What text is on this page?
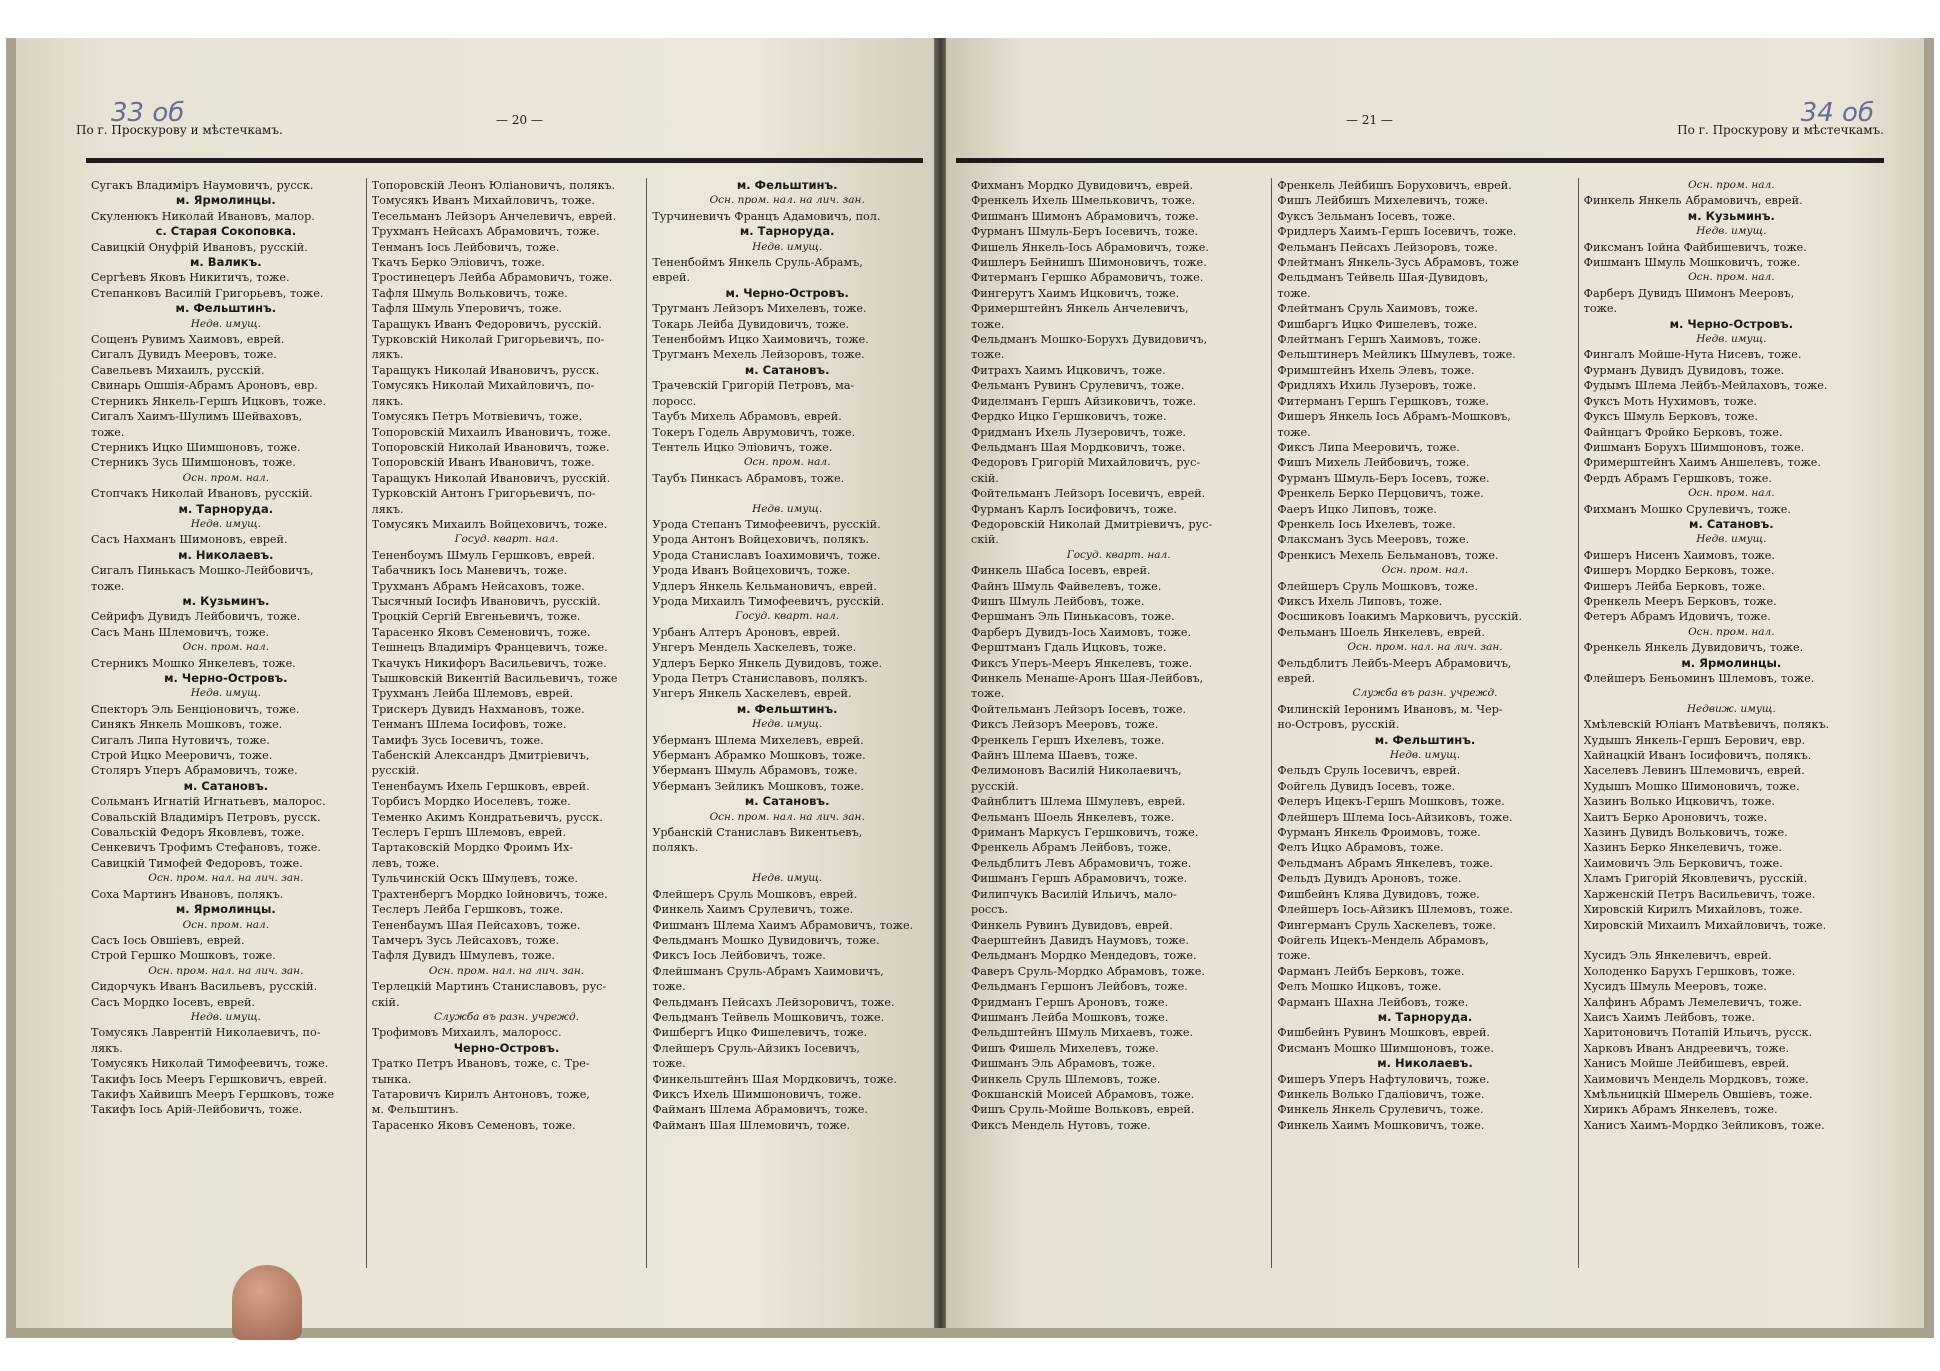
По г. Проскурову и мѣстечкамъ.
— 20 —
33 об
Сугакъ Владимiръ Наумовичъ, русск.
м. Ярмолинцы.
Скуленюкъ Николай Ивановъ, малор.
с. Старая Сокоповка.
Савицкій Онуфрій Ивановъ, русскій.
м. Валикъ.
Сергѣевъ Яковъ Никитичъ, тоже.
Степанковъ Василій Григорьевъ, тоже.
м. Фельштинъ.
Недв. имущ.
Сощенъ Рувимъ Хаимовъ, еврей.
Сигалъ Дувидъ Мееровъ, тоже.
Савельевъ Михаилъ, русскій.
Свинарь Ошшія-Абрамъ Ароновъ, евр.
Стерникъ Янкель-Гершъ Ицковъ, тоже.
Сигалъ Хаимъ-Шулимъ Шейваховъ,
тоже.
Стерникъ Ицко Шимшоновъ, тоже.
Стерникъ Зусь Шимшоновъ, тоже.
Осн. пром. нал.
Стопчакъ Николай Ивановъ, русскій.
м. Тарноруда.
Недв. имущ.
Сасъ Нахманъ Шимоновъ, еврей.
м. Николаевъ.
Сигалъ Пинькасъ Мошко-Лейбовичъ,
тоже.
м. Кузьминъ.
Сейрифъ Дувидъ Лейбовичъ, тоже.
Сасъ Мань Шлемовичъ, тоже.
Осн. пром. нал.
Стерникъ Мошко Янкелевъ, тоже.
м. Черно-Островъ.
Недв. имущ.
Спекторъ Эль Бенціоновичъ, тоже.
Синякъ Янкель Мошковъ, тоже.
Сигалъ Липа Нутовичъ, тоже.
Строй Ицко Мееровичъ, тоже.
Столяръ Уперъ Абрамовичъ, тоже.
м. Сатановъ.
Сольманъ Игнатій Игнатьевъ, малорос.
Совальскій Владиміръ Петровъ, русск.
Совальскій Федоръ Яковлевъ, тоже.
Сенкевичъ Трофимъ Стефановъ, тоже.
Савицкій Тимофей Федоровъ, тоже.
Осн. пром. нал. на лич. зан.
Соха Мартинъ Ивановъ, полякъ.
м. Ярмолинцы.
Осн. пром. нал.
Сасъ Іось Овшіевъ, еврей.
Строй Гершко Мошковъ, тоже.
Осн. пром. нал. на лич. зан.
Сидорчукъ Иванъ Васильевъ, русскій.
Сасъ Мордко Іосевъ, еврей.
Недв. имущ.
Томусякъ Лаврентій Николаевичъ, по-
лякъ.
Томусякъ Николай Тимофеевичъ, тоже.
Такифъ Іось Мееръ Гершковичъ, еврей.
Такифъ Хайвишъ Мееръ Гершковъ, тоже
Такифъ Іось Арій-Лейбовичъ, тоже.
Топоровскій Леонъ Юліановичъ, полякъ.
Томусякъ Иванъ Михайловичъ, тоже.
Тесельманъ Лейзоръ Анчелевичъ, еврей.
Трухманъ Нейсахъ Абрамовичъ, тоже.
Тенманъ Іось Лейбовичъ, тоже.
Ткачъ Берко Эліовичъ, тоже.
Тростинецеръ Лейба Абрамовичъ, тоже.
Тафля Шмуль Вольковичъ, тоже.
Тафля Шмуль Уперовичъ, тоже.
Таращукъ Иванъ Федоровичъ, русскій.
Турковскій Николай Григорьевичъ, по-
лякъ.
Таращукъ Николай Ивановичъ, русск.
Томусякъ Николай Михайловичъ, по-
лякъ.
Томусякъ Петръ Мотвіевичъ, тоже.
Топоровскій Михаилъ Ивановичъ, тоже.
Топоровскій Николай Ивановичъ, тоже.
Топоровскій Иванъ Ивановичъ, тоже.
Таращукъ Николай Ивановичъ, русскій.
Турковскій Антонъ Григорьевичъ, по-
лякъ.
Томусякъ Михаилъ Войцеховичъ, тоже.
Госуд. кварт. нал.
Тененбоумъ Шмуль Гершковъ, еврей.
Табачникъ Іось Маневичъ, тоже.
Трухманъ Абрамъ Нейсаховъ, тоже.
Тысячный Іосифъ Ивановичъ, русскій.
Троцкій Сергій Евгеньевичъ, тоже.
Тарасенко Яковъ Семеновичъ, тоже.
Тешнецъ Владиміръ Францевичъ, тоже.
Ткачукъ Никифоръ Васильевичъ, тоже.
Тышковскій Викентій Васильевичъ, тоже
Трухманъ Лейба Шлемовъ, еврей.
Трискеръ Дувидъ Нахмановъ, тоже.
Тенманъ Шлема Іосифовъ, тоже.
Тамифъ Зусь Іосевичъ, тоже.
Табенскій Александръ Дмитріевичъ,
русскій.
Тененбаумъ Ихель Гершковъ, еврей.
Торбисъ Мордко Иоселевъ, тоже.
Теменко Акимъ Кондратьевичъ, русск.
Теслеръ Гершъ Шлемовъ, еврей.
Тартаковскій Мордко Фроимъ Их-
левъ, тоже.
Тульчинскій Оскъ Шмулевъ, тоже.
Трахтенбергъ Мордко Іойновичъ, тоже.
Теслеръ Лейба Гершковъ, тоже.
Тененбаумъ Шая Пейсаховъ, тоже.
Тамчеръ Зусь Лейсаховъ, тоже.
Тафля Дувидъ Шмулевъ, тоже.
Осн. пром. нал. на лич. зан.
Терлецкій Мартинъ Станиславовъ, рус-
скій.
Служба въ разн. учрежд.
Трофимовъ Михаилъ, малоросс.
Черно-Островъ.
Тратко Петръ Ивановъ, тоже, с. Тре-
тынка.
Татаровичъ Кирилъ Антоновъ, тоже,
м. Фельштинъ.
Тарасенко Яковъ Семеновъ, тоже.
м. Фельштинъ.
Осн. пром. нал. на лич. зан.
Турчиневичъ Францъ Адамовичъ, пол.
м. Тарноруда.
Недв. имущ.
Тененбоймъ Янкель Сруль-Абрамъ,
еврей.
м. Черно-Островъ.
Тругманъ Лейзоръ Михелевъ, тоже.
Токарь Лейба Дувидовичъ, тоже.
Тененбоймъ Ицко Хаимовичъ, тоже.
Тругманъ Мехель Лейзоровъ, тоже.
м. Сатановъ.
Трачевскій Григорій Петровъ, ма-
лоросс.
Таубъ Михель Абрамовъ, еврей.
Токеръ Годель Аврумовичъ, тоже.
Тентель Ицко Эліовичъ, тоже.
Осн. пром. нал.
Таубъ Пинкасъ Абрамовъ, тоже.

Недв. имущ.
Урода Степанъ Тимофеевичъ, русскій.
Урода Антонъ Войцеховичъ, полякъ.
Урода Станиславъ Іоахимовичъ, тоже.
Урода Иванъ Войцеховичъ, тоже.
Удлеръ Янкель Кельмановичъ, еврей.
Урода Михаилъ Тимофеевичъ, русскій.
Госуд. кварт. нал.
Урбанъ Алтеръ Ароновъ, еврей.
Унгеръ Мендель Хаскелевъ, тоже.
Удлеръ Берко Янкель Дувидовъ, тоже.
Урода Петръ Станиславовъ, полякъ.
Унгеръ Янкель Хаскелевъ, еврей.
м. Фельштинъ.
Недв. имущ.
Уберманъ Шлема Михелевъ, еврей.
Уберманъ Абрамко Мошковъ, тоже.
Уберманъ Шмуль Абрамовъ, тоже.
Уберманъ Зейликъ Мошковъ, тоже.
м. Сатановъ.
Осн. пром. нал. на лич. зан.
Урбанскій Станиславъ Викентьевъ,
полякъ.

Недв. имущ.
Флейшеръ Сруль Мошковъ, еврей.
Финкель Хаимъ Срулевичъ, тоже.
Фишманъ Шлема Хаимъ Абрамовичъ, тоже.
Фельдманъ Мошко Дувидовичъ, тоже.
Фиксъ Іось Лейбовичъ, тоже.
Флейшманъ Сруль-Абрамъ Хаимовичъ,
тоже.
Фельдманъ Пейсахъ Лейзоровичъ, тоже.
Фельдманъ Тейвель Мошковичъ, тоже.
Фишбергъ Ицко Фишелевичъ, тоже.
Флейшеръ Сруль-Айзикъ Іосевичъ,
тоже.
Финкельштейнъ Шая Мордковичъ, тоже.
Фиксъ Ихель Шимшоновичъ, тоже.
Файманъ Шлема Абрамовичъ, тоже.
Файманъ Шая Шлемовичъ, тоже.
— 21 —
По г. Проскурову и мѣстечкамъ.
34 об
Фихманъ Мордко Дувидовичъ, еврей.
Френкель Ихель Шмельковичъ, тоже.
Фишманъ Шимонъ Абрамовичъ, тоже.
Фурманъ Шмуль-Беръ Іосевичъ, тоже.
Фишель Янкель-Іось Абрамовичъ, тоже.
Фишлеръ Бейнишъ Шимоновичъ, тоже.
Фитерманъ Гершко Абрамовичъ, тоже.
Фингерутъ Хаимъ Ицковичъ, тоже.
Фримерштейнъ Янкель Анчелевичъ,
тоже.
Фельдманъ Мошко-Борухъ Дувидовичъ,
тоже.
Фитрахъ Хаимъ Ицковичъ, тоже.
Фельманъ Рувинъ Срулевичъ, тоже.
Фиделманъ Гершъ Айзиковичъ, тоже.
Фердко Ицко Гершковичъ, тоже.
Фридманъ Ихель Лузеровичъ, тоже.
Фельдманъ Шая Мордковичъ, тоже.
Федоровъ Григорій Михайловичъ, рус-
скій.
Фойтельманъ Лейзоръ Іосевичъ, еврей.
Фурманъ Карлъ Іосифовичъ, тоже.
Федоровскій Николай Дмитріевичъ, рус-
скій.
Госуд. кварт. нал.
Финкель Шабса Іосевъ, еврей.
Файнъ Шмуль Файвелевъ, тоже.
Фишъ Шмуль Лейбовъ, тоже.
Фершманъ Эль Пинькасовъ, тоже.
Фарберъ Дувидъ-Іось Хаимовъ, тоже.
Ферштманъ Гдаль Ицковъ, тоже.
Фиксъ Уперъ-Мееръ Янкелевъ, тоже.
Финкель Менаше-Аронъ Шая-Лейбовъ,
тоже.
Фойтельманъ Лейзоръ Іосевъ, тоже.
Фиксъ Лейзоръ Мееровъ, тоже.
Френкель Гершъ Ихелевъ, тоже.
Файнъ Шлема Шаевъ, тоже.
Фелимоновъ Василій Николаевичъ,
русскій.
Файнблитъ Шлема Шмулевъ, еврей.
Фельманъ Шоель Янкелевъ, тоже.
Фриманъ Маркусъ Гершковичъ, тоже.
Френкель Абрамъ Лейбовъ, тоже.
Фельдблитъ Левъ Абрамовичъ, тоже.
Фишманъ Гершъ Абрамовичъ, тоже.
Филипчукъ Василій Ильичъ, мало-
россъ.
Финкель Рувинъ Дувидовъ, еврей.
Фаерштейнъ Давидъ Наумовъ, тоже.
Фельдманъ Мордко Мендедовъ, тоже.
Фаверъ Сруль-Мордко Абрамовъ, тоже.
Фельдманъ Гершонъ Лейбовъ, тоже.
Фридманъ Гершъ Ароновъ, тоже.
Фишманъ Лейба Мошковъ, тоже.
Фельдштейнъ Шмуль Михаевъ, тоже.
Фишъ Фишель Михелевъ, тоже.
Фишманъ Эль Абрамовъ, тоже.
Финкель Сруль Шлемовъ, тоже.
Фокшанскій Моисей Абрамовъ, тоже.
Фишъ Сруль-Мойше Вольковъ, еврей.
Фиксъ Мендель Нутовъ, тоже.
Френкель Лейбишъ Боруховичъ, еврей.
Фишъ Лейбишъ Михелевичъ, тоже.
Фуксъ Зельманъ Іосевъ, тоже.
Фридлеръ Хаимъ-Гершъ Іосевичъ, тоже.
Фельманъ Пейсахъ Лейзоровъ, тоже.
Флейтманъ Янкель-Зусь Абрамовъ, тоже
Фельдманъ Тейвель Шая-Дувидовъ,
тоже.
Флейтманъ Сруль Хаимовъ, тоже.
Фишбаргъ Ицко Фишелевъ, тоже.
Флейтманъ Гершъ Хаимовъ, тоже.
Фельштинеръ Мейликъ Шмулевъ, тоже.
Фримштейнъ Ихель Элевъ, тоже.
Фридляхъ Ихиль Лузеровъ, тоже.
Фитерманъ Гершъ Гершковъ, тоже.
Фишеръ Янкель Іось Абрамъ-Мошковъ,
тоже.
Фиксъ Липа Мееровичъ, тоже.
Фишъ Михель Лейбовичъ, тоже.
Фурманъ Шмуль-Беръ Іосевъ, тоже.
Френкель Берко Перцовичъ, тоже.
Фаеръ Ицко Липовъ, тоже.
Френкель Іось Ихелевъ, тоже.
Флаксманъ Зусь Мееровъ, тоже.
Френкисъ Мехель Бельмановъ, тоже.
Осн. пром. нал.
Флейшеръ Сруль Мошковъ, тоже.
Фиксъ Ихель Липовъ, тоже.
Фосшиковъ Іоакимъ Марковичъ, русскій.
Фельманъ Шоель Янкелевъ, еврей.
Осн. пром. нал. на лич. зан.
Фельдблитъ Лейбъ-Мееръ Абрамовичъ,
еврей.
Служба въ разн. учрежд.
Филинскій Іеронимъ Ивановъ, м. Чер-
но-Островъ, русскій.
м. Фельштинъ.
Недв. имущ.
Фельдъ Сруль Іосевичъ, еврей.
Фойгель Дувидъ Іосевъ, тоже.
Фелеръ Ицекъ-Гершъ Мошковъ, тоже.
Флейшеръ Шлема Іось-Айзиковъ, тоже.
Фурманъ Янкель Фроимовъ, тоже.
Фелъ Ицко Абрамовъ, тоже.
Фельдманъ Абрамъ Янкелевъ, тоже.
Фельдъ Дувидъ Ароновъ, тоже.
Фишбейнъ Клява Дувидовъ, тоже.
Флейшеръ Іось-Айзикъ Шлемовъ, тоже.
Фингерманъ Сруль Хаскелевъ, тоже.
Фойгель Ицекъ-Мендель Абрамовъ,
тоже.
Фарманъ Лейбъ Берковъ, тоже.
Фелъ Мошко Ицковъ, тоже.
Фарманъ Шахна Лейбовъ, тоже.
м. Тарноруда.
Фишбейнъ Рувинъ Мошковъ, еврей.
Фисманъ Мошко Шимшоновъ, тоже.
м. Николаевъ.
Фишеръ Уперъ Нафтуловичъ, тоже.
Финкель Волько Гдаліовичъ, тоже.
Финкель Янкель Срулевичъ, тоже.
Финкель Хаимъ Мошковичъ, тоже.
Осн. пром. нал.
Финкель Янкель Абрамовичъ, еврей.
м. Кузьминъ.
Недв. имущ.
Фиксманъ Іойна Файбишевичъ, тоже.
Фишманъ Шмуль Мошковичъ, тоже.
Осн. пром. нал.
Фарберъ Дувидъ Шимонъ Мееровъ,
тоже.
м. Черно-Островъ.
Недв. имущ.
Фингалъ Мойше-Нута Нисевъ, тоже.
Фурманъ Дувидъ Дувидовъ, тоже.
Фудымъ Шлема Лейбъ-Мейлаховъ, тоже.
Фуксъ Моть Нухимовъ, тоже.
Фуксъ Шмуль Берковъ, тоже.
Файнцагъ Фройко Берковъ, тоже.
Фишманъ Борухъ Шимшоновъ, тоже.
Фримерштейнъ Хаимъ Аншелевъ, тоже.
Фердъ Абрамъ Гершковъ, тоже.
Осн. пром. нал.
Фихманъ Мошко Срулевичъ, тоже.
м. Сатановъ.
Недв. имущ.
Фишеръ Нисенъ Хаимовъ, тоже.
Фишеръ Мордко Берковъ, тоже.
Фишеръ Лейба Берковъ, тоже.
Френкель Мееръ Берковъ, тоже.
Фетеръ Абрамъ Идовичъ, тоже.
Осн. пром. нал.
Френкель Янкель Дувидовичъ, тоже.
м. Ярмолинцы.
Флейшеръ Беньоминъ Шлемовъ, тоже.

Недвиж. имущ.
Хмѣлевскій Юліанъ Матвѣевичъ, полякъ.
Худышъ Янкель-Гершъ Берович, евр.
Хайнацкій Иванъ Іосифовичъ, полякъ.
Хаселевъ Левинъ Шлемовичъ, еврей.
Худышъ Мошко Шимоновичъ, тоже.
Хазинъ Волько Ицковичъ, тоже.
Хаитъ Берко Ароновичъ, тоже.
Хазинъ Дувидъ Вольковичъ, тоже.
Хазинъ Берко Янкелевичъ, тоже.
Хаимовичъ Эль Берковичъ, тоже.
Хламъ Григорій Яковлевичъ, русскій.
Харженскій Петръ Васильевичъ, тоже.
Хировскій Кирилъ Михайловъ, тоже.
Хировскій Михаилъ Михайловичъ, тоже.

Хусидъ Эль Янкелевичъ, еврей.
Холоденко Барухъ Гершковъ, тоже.
Хусидъ Шмуль Мееровъ, тоже.
Халфинъ Абрамъ Лемелевичъ, тоже.
Хаисъ Хаимъ Лейбовъ, тоже.
Харитоновичъ Потапій Ильичъ, русск.
Харковъ Иванъ Андреевичъ, тоже.
Ханисъ Мойше Лейбишевъ, еврей.
Хаимовичъ Мендель Мордковъ, тоже.
Хмѣльницкій Шмерель Овшіевъ, тоже.
Хирикъ Абрамъ Янкелевъ, тоже.
Ханисъ Хаимъ-Мордко Зейликовъ, тоже.
